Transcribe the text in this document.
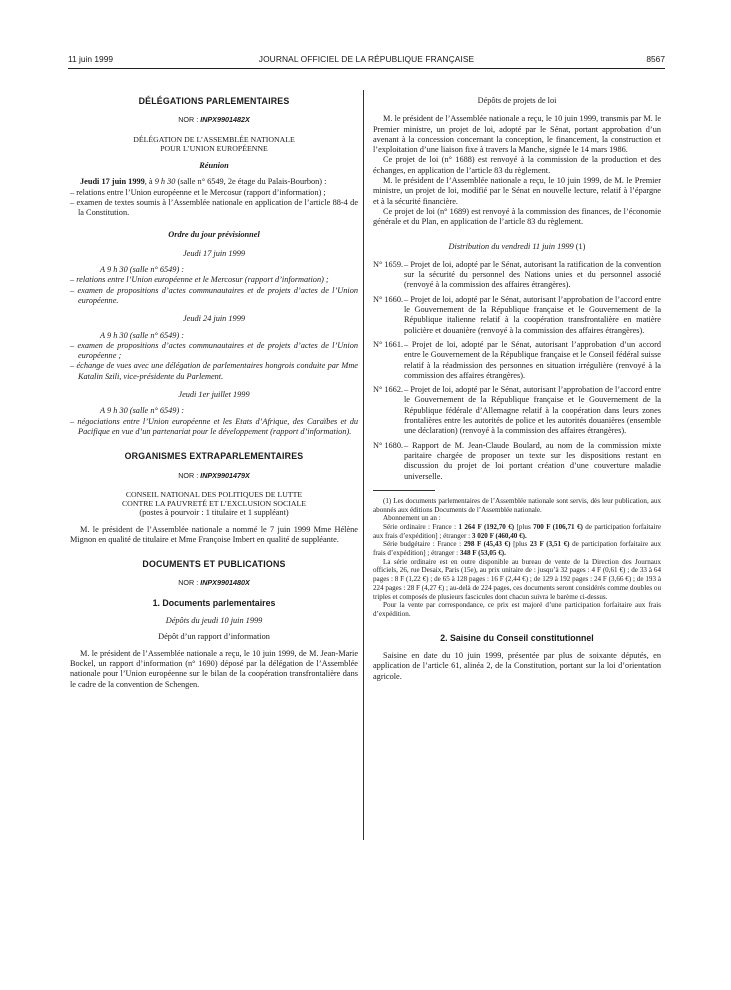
11 juin 1999	JOURNAL OFFICIEL DE LA RÉPUBLIQUE FRANÇAISE	8567
DÉLÉGATIONS PARLEMENTAIRES
NOR : INPX9901482X
DÉLÉGATION DE L’ASSEMBLÉE NATIONALE
POUR L’UNION EUROPÉENNE
Réunion

Jeudi 17 juin 1999, à 9 h 30 (salle n° 6549, 2e étage du Palais-Bourbon) :

– relations entre l’Union européenne et le Mercosur (rapport d’information) ;
– examen de textes soumis à l’Assemblée nationale en application de l’article 88-4 de la Constitution.
Ordre du jour prévisionnel
Jeudi 17 juin 1999
A 9 h 30 (salle n° 6549) :
– relations entre l’Union européenne et le Mercosur (rapport d’information) ;
– examen de propositions d’actes communautaires et de projets d’actes de l’Union européenne.
Jeudi 24 juin 1999
A 9 h 30 (salle n° 6549) :
– examen de propositions d’actes communautaires et de projets d’actes de l’Union européenne ;
– échange de vues avec une délégation de parlementaires hongrois conduite par Mme Katalin Szili, vice-présidente du Parlement.
Jeudi 1er juillet 1999
A 9 h 30 (salle n° 6549) :
– négociations entre l’Union européenne et les Etats d’Afrique, des Caraïbes et du Pacifique en vue d’un partenariat pour le développement (rapport d’information).
ORGANISMES EXTRAPARLEMENTAIRES
NOR : INPX9901479X
CONSEIL NATIONAL DES POLITIQUES DE LUTTE
CONTRE LA PAUVRETÉ ET L’EXCLUSION SOCIALE
(postes à pourvoir : 1 titulaire et 1 suppléant)

M. le président de l’Assemblée nationale a nommé le 7 juin 1999 Mme Hélène Mignon en qualité de titulaire et Mme Françoise Imbert en qualité de suppléante.

DOCUMENTS ET PUBLICATIONS
NOR : INPX9901480X
1. Documents parlementaires
Dépôts du jeudi 10 juin 1999
Dépôt d’un rapport d’information

M. le président de l’Assemblée nationale a reçu, le 10 juin 1999, de M. Jean-Marie Bockel, un rapport d’information (n° 1690) déposé par la délégation de l’Assemblée nationale pour l’Union européenne sur le bilan de la coopération transfrontalière dans le cadre de la convention de Schengen.

Dépôts de projets de loi

M. le président de l’Assemblée nationale a reçu, le 10 juin 1999, transmis par M. le Premier ministre, un projet de loi, adopté par le Sénat, portant approbation d’un avenant à la concession concernant la conception, le financement, la construction et l’exploitation d’une liaison fixe à travers la Manche, signée le 14 mars 1986.

Ce projet de loi (n° 1688) est renvoyé à la commission de la production et des échanges, en application de l’article 83 du règlement.

M. le président de l’Assemblée nationale a reçu, le 10 juin 1999, de M. le Premier ministre, un projet de loi, modifié par le Sénat en nouvelle lecture, relatif à l’épargne et à la sécurité financière.

Ce projet de loi (n° 1689) est renvoyé à la commission des finances, de l’économie générale et du Plan, en application de l’article 83 du règlement.

Distribution du vendredi 11 juin 1999 (1)
N° 1659. – Projet de loi, adopté par le Sénat, autorisant la ratification de la convention sur la sécurité du personnel des Nations unies et du personnel associé (renvoyé à la commission des affaires étrangères).
N° 1660. – Projet de loi, adopté par le Sénat, autorisant l’approbation de l’accord entre le Gouvernement de la République française et le Gouvernement de la République italienne relatif à la coopération transfrontalière en matière policière et douanière (renvoyé à la commission des affaires étrangères).
N° 1661. – Projet de loi, adopté par le Sénat, autorisant l’approbation d’un accord entre le Gouvernement de la République française et le Conseil fédéral suisse relatif à la réadmission des personnes en situation irrégulière (renvoyé à la commission des affaires étrangères).
N° 1662. – Projet de loi, adopté par le Sénat, autorisant l’approbation de l’accord entre le Gouvernement de la République française et le Gouvernement de la République fédérale d’Allemagne relatif à la coopération dans leurs zones frontalières entre les autorités de police et les autorités douanières (ensemble une déclaration) (renvoyé à la commission des affaires étrangères).
N° 1680. – Rapport de M. Jean-Claude Boulard, au nom de la commission mixte paritaire chargée de proposer un texte sur les dispositions restant en discussion du projet de loi portant création d’une couverture maladie universelle.

(1) Les documents parlementaires de l’Assemblée nationale sont servis, dès leur publication, aux abonnés aux éditions Documents de l’Assemblée nationale.

Abonnement un an :

Série ordinaire : France : 1 264 F (192,70 €) [plus 700 F (106,71 €) de participation forfaitaire aux frais d’expédition] ; étranger : 3 020 F (460,40 €).

Série budgétaire : France : 298 F (45,43 €) [plus 23 F (3,51 €) de participation forfaitaire aux frais d’expédition] ; étranger : 348 F (53,05 €).

La série ordinaire est en outre disponible au bureau de vente de la Direction des Journaux officiels, 26, rue Desaix, Paris (15e), au prix unitaire de : jusqu’à 32 pages : 4 F (0,61 €) ; de 33 à 64 pages : 8 F (1,22 €) ; de 65 à 128 pages : 16 F (2,44 €) ; de 129 à 192 pages : 24 F (3,66 €) ; de 193 à 224 pages : 28 F (4,27 €) ; au-delà de 224 pages, ces documents seront considérés comme doubles ou triples et composés de plusieurs fascicules dont chacun suivra le barème ci-dessus.

Pour la vente par correspondance, ce prix est majoré d’une participation forfaitaire aux frais d’expédition.

2. Saisine du Conseil constitutionnel

Saisine en date du 10 juin 1999, présentée par plus de soixante députés, en application de l’article 61, alinéa 2, de la Constitution, portant sur la loi d’orientation agricole.
